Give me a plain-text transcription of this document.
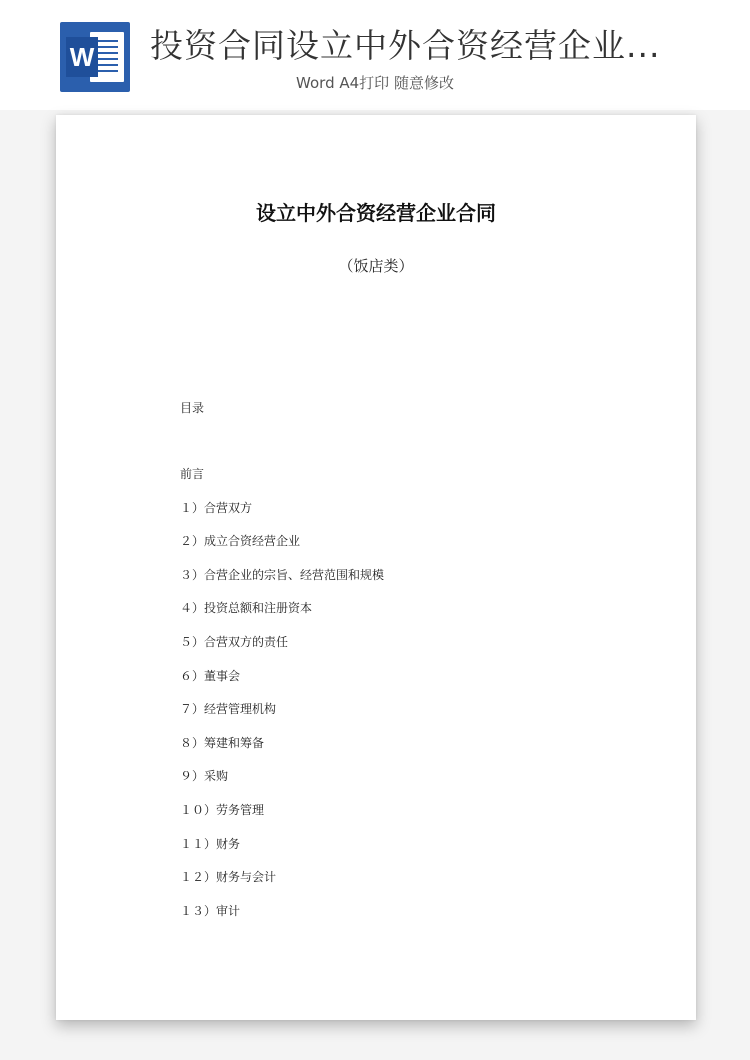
W 投资合同设立中外合资经营企业...
Word A4打印 随意修改
设立中外合资经营企业合同
（饭店类）
目录
前言
１）合营双方
２）成立合资经营企业
３）合营企业的宗旨、经营范围和规模
４）投资总额和注册资本
５）合营双方的责任
６）董事会
７）经营管理机构
８）筹建和筹备
９）采购
１０）劳务管理
１１）财务
１２）财务与会计
１３）审计
